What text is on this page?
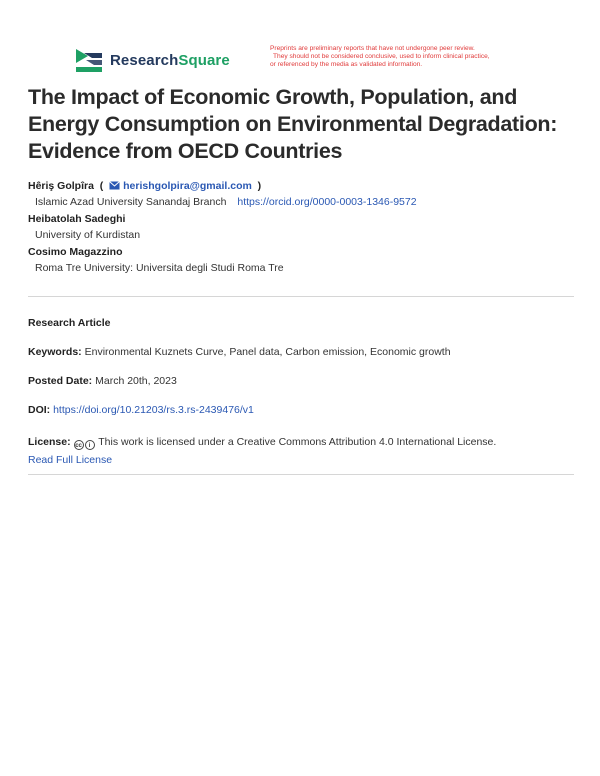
ResearchSquare
Preprints are preliminary reports that have not undergone peer review.
They should not be considered conclusive, used to inform clinical practice,
or referenced by the media as validated information.
The Impact of Economic Growth, Population, and Energy Consumption on Environmental Degradation: Evidence from OECD Countries
Hêriş Golpîra  (  herishgolpira@gmail.com  )
Islamic Azad University Sanandaj Branch https://orcid.org/0000-0003-1346-9572
Heibatolah Sadeghi
University of Kurdistan
Cosimo Magazzino
Roma Tre University: Universita degli Studi Roma Tre
Research Article
Keywords: Environmental Kuznets Curve, Panel data, Carbon emission, Economic growth
Posted Date: March 20th, 2023
DOI: https://doi.org/10.21203/rs.3.rs-2439476/v1
License: cc i This work is licensed under a Creative Commons Attribution 4.0 International License.
Read Full License
